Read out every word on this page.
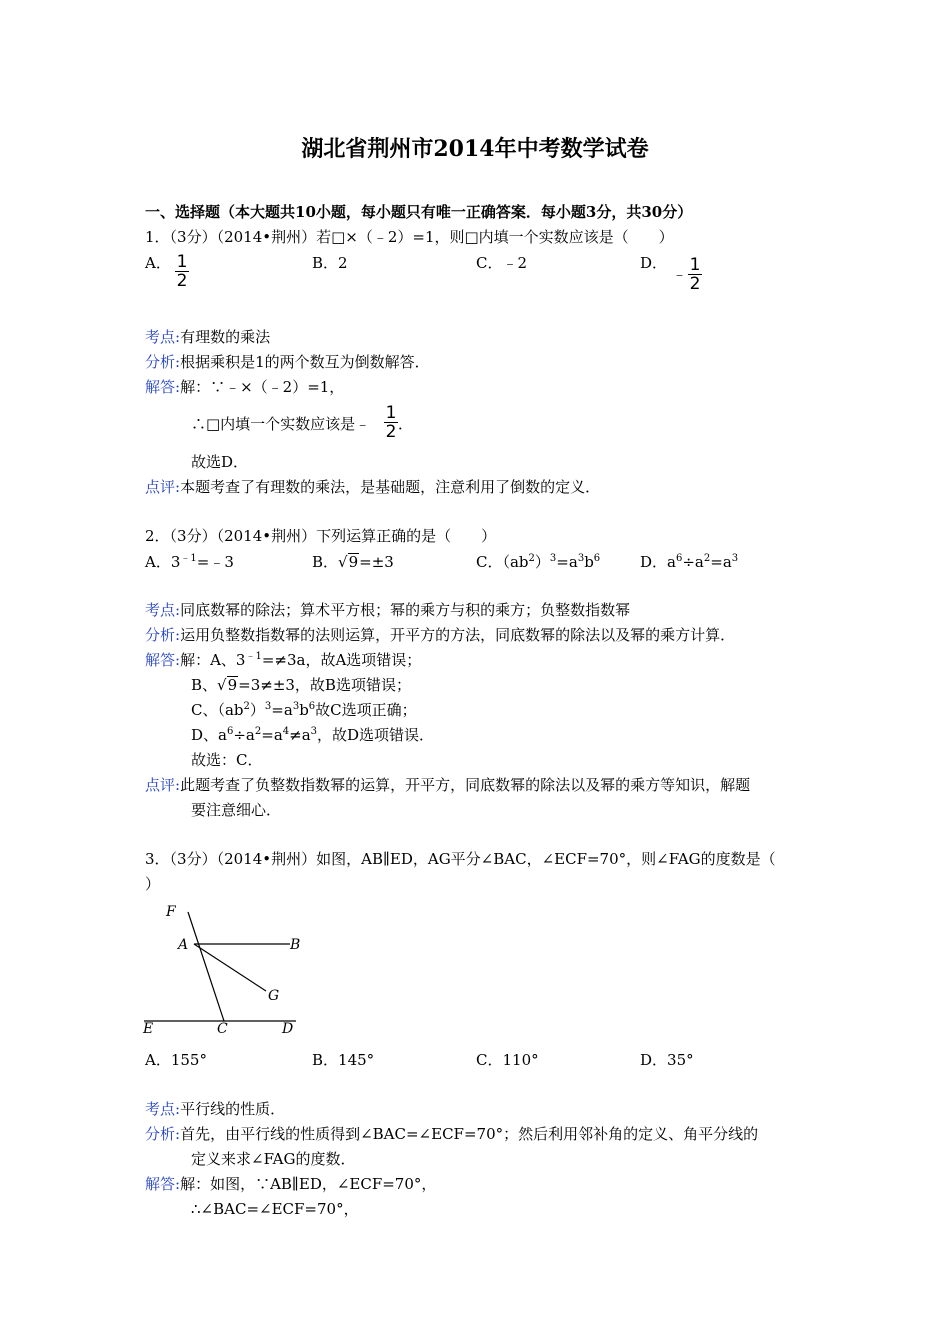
湖北省荆州市2014年中考数学试卷
一、选择题（本大题共10小题，每小题只有唯一正确答案．每小题3分，共30分）
1．（3分）（2014•荆州）若□×（﹣2）=1，则□内填一个实数应该是（　　）
A． $\frac{1}{2}$	B．2	C．﹣2	D．
﹣ $\frac{1}{2}$
考点:有理数的乘法
分析:根据乘积是1的两个数互为倒数解答．
解答:解：∵﹣×（﹣2）=1，
∴□内填一个实数应该是﹣ $\frac{1}{2}$ ．
故选D．
点评:本题考查了有理数的乘法，是基础题，注意利用了倒数的定义．
2．（3分）（2014•荆州）下列运算正确的是（　　）
A．$3^{﹣1}=﹣3$	B．√9=±3	C．$(ab^2)^3=a^3b^6$	D．$a^6\div a^2=a^3$
考点:同底数幂的除法；算术平方根；幂的乘方与积的乘方；负整数指数幂
分析:运用负整数指数幂的法则运算，开平方的方法，同底数幂的除法以及幂的乘方计算．
解答:解：A、$3^{﹣1}=\ne 3a$，故A选项错误；
B、√9=3≠±3，故B选项错误；
C、$(ab^2)^3=a^3b^6$故C选项正确；
D、$a^6\div a^2=a^4\ne a^3$，故D选项错误．
故选：C．
点评:此题考查了负整数指数幂的运算，开平方，同底数幂的除法以及幂的乘方等知识，解题
要注意细心．
3．（3分）（2014•荆州）如图，AB∥ED，AG平分∠BAC，∠ECF=70°，则∠FAG的度数是（
）
F
A	B
G
E	C	D
A．155°	B．145°	C．110°	D．35°
考点:平行线的性质．
分析:首先，由平行线的性质得到∠BAC=∠ECF=70°；然后利用邻补角的定义、角平分线的
定义来求∠FAG的度数．
解答:解：如图，∵AB∥ED，∠ECF=70°，
∴∠BAC=∠ECF=70°，
